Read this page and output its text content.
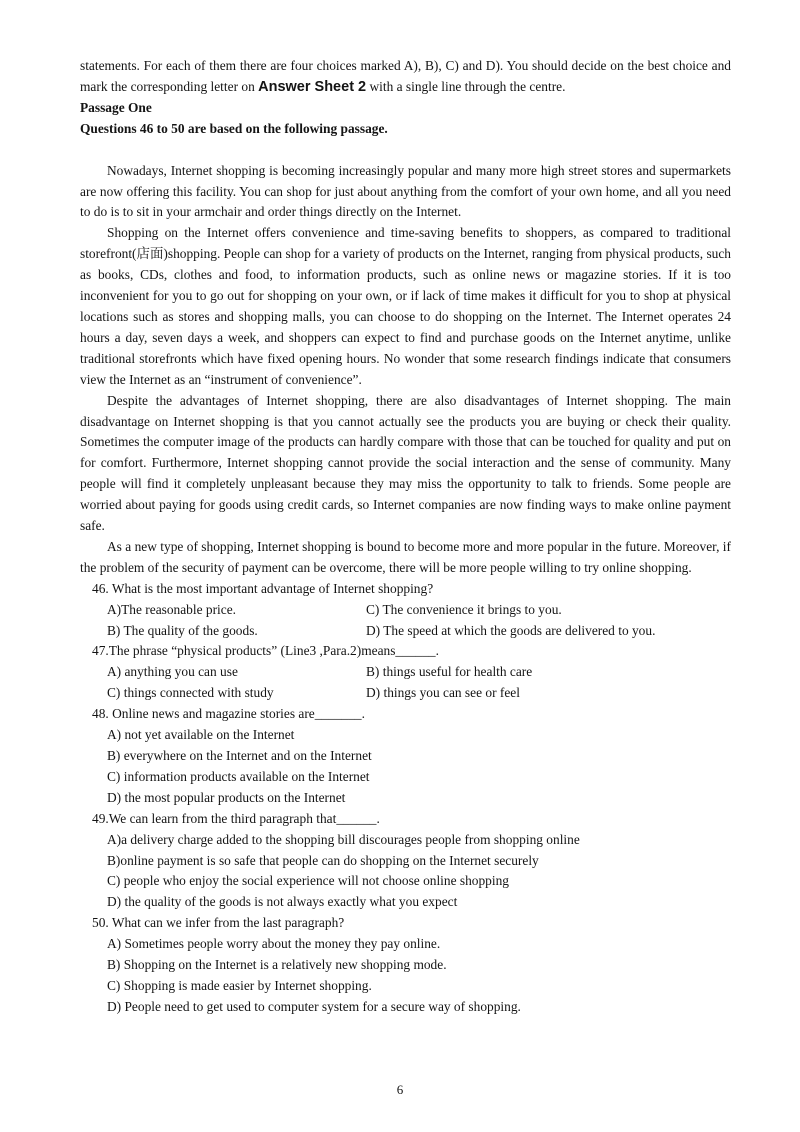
statements. For each of them there are four choices marked A), B), C) and D). You should decide on the best choice and mark the corresponding letter on Answer Sheet 2 with a single line through the centre.

Passage One

Questions 46 to 50 are based on the following passage.

Nowadays, Internet shopping is becoming increasingly popular and many more high street stores and supermarkets are now offering this facility. You can shop for just about anything from the comfort of your own home, and all you need to do is to sit in your armchair and order things directly on the Internet.

Shopping on the Internet offers convenience and time-saving benefits to shoppers, as compared to traditional storefront(店面)shopping. People can shop for a variety of products on the Internet, ranging from physical products, such as books, CDs, clothes and food, to information products, such as online news or magazine stories. If it is too inconvenient for you to go out for shopping on your own, or if lack of time makes it difficult for you to shop at physical locations such as stores and shopping malls, you can choose to do shopping on the Internet. The Internet operates 24 hours a day, seven days a week, and shoppers can expect to find and purchase goods on the Internet anytime, unlike traditional storefronts which have fixed opening hours. No wonder that some research findings indicate that consumers view the Internet as an “instrument of convenience”.

Despite the advantages of Internet shopping, there are also disadvantages of Internet shopping. The main disadvantage on Internet shopping is that you cannot actually see the products you are buying or check their quality. Sometimes the computer image of the products can hardly compare with those that can be touched for quality and put on for comfort. Furthermore, Internet shopping cannot provide the social interaction and the sense of community. Many people will find it completely unpleasant because they may miss the opportunity to talk to friends. Some people are worried about paying for goods using credit cards, so Internet companies are now finding ways to make online payment safe.

As a new type of shopping, Internet shopping is bound to become more and more popular in the future. Moreover, if the problem of the security of payment can be overcome, there will be more people willing to try online shopping.

46. What is the most important advantage of Internet shopping?

A)The reasonable price.	C) The convenience it brings to you.
B) The quality of the goods.	D) The speed at which the goods are delivered to you.

47.The phrase “physical products” (Line3 ,Para.2)means______.

A) anything you can use	B) things useful for health care
C) things connected with study	D) things you can see or feel

48. Online news and magazine stories are_______.

A) not yet available on the Internet

B) everywhere on the Internet and on the Internet

C) information products available on the Internet

D) the most popular products on the Internet

49.We can learn from the third paragraph that______.

A)a delivery charge added to the shopping bill discourages people from shopping online

B)online payment is so safe that people can do shopping on the Internet securely

C) people who enjoy the social experience will not choose online shopping

D) the quality of the goods is not always exactly what you expect

50. What can we infer from the last paragraph?

A) Sometimes people worry about the money they pay online.

B) Shopping on the Internet is a relatively new shopping mode.

C) Shopping is made easier by Internet shopping.

D) People need to get used to computer system for a secure way of shopping.

6
